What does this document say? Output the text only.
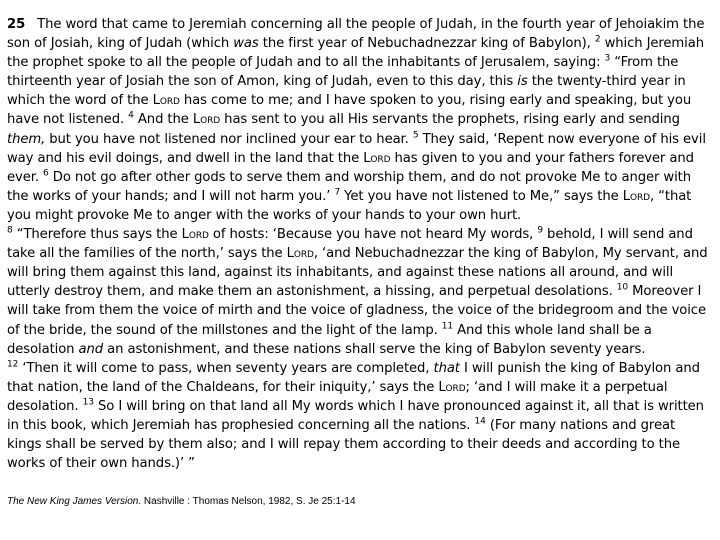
25 The word that came to Jeremiah concerning all the people of Judah, in the fourth year of Jehoiakim the son of Josiah, king of Judah (which was the first year of Nebuchadnezzar king of Babylon), $^2$ which Jeremiah the prophet spoke to all the people of Judah and to all the inhabitants of Jerusalem, saying: $^3$ “From the thirteenth year of Josiah the son of Amon, king of Judah, even to this day, this is the twenty-third year in which the word of the Lord has come to me; and I have spoken to you, rising early and speaking, but you have not listened. $^4$ And the Lord has sent to you all His servants the prophets, rising early and sending them, but you have not listened nor inclined your ear to hear. $^5$ They said, ‘Repent now everyone of his evil way and his evil doings, and dwell in the land that the Lord has given to you and your fathers forever and ever. $^6$ Do not go after other gods to serve them and worship them, and do not provoke Me to anger with the works of your hands; and I will not harm you.’ $^7$ Yet you have not listened to Me,” says the Lord, “that you might provoke Me to anger with the works of your hands to your own hurt.

$^8$ “Therefore thus says the Lord of hosts: ‘Because you have not heard My words, $^9$ behold, I will send and take all the families of the north,’ says the Lord, ‘and Nebuchadnezzar the king of Babylon, My servant, and will bring them against this land, against its inhabitants, and against these nations all around, and will utterly destroy them, and make them an astonishment, a hissing, and perpetual desolations. $^{10}$ Moreover I will take from them the voice of mirth and the voice of gladness, the voice of the bridegroom and the voice of the bride, the sound of the millstones and the light of the lamp. $^{11}$ And this whole land shall be a desolation and an astonishment, and these nations shall serve the king of Babylon seventy years.

$^{12}$ ‘Then it will come to pass, when seventy years are completed, that I will punish the king of Babylon and that nation, the land of the Chaldeans, for their iniquity,’ says the Lord; ‘and I will make it a perpetual desolation. $^{13}$ So I will bring on that land all My words which I have pronounced against it, all that is written in this book, which Jeremiah has prophesied concerning all the nations. $^{14}$ (For many nations and great kings shall be served by them also; and I will repay them according to their deeds and according to the works of their own hands.)’ ”

The New King James Version. Nashville : Thomas Nelson, 1982, S. Je 25:1-14
